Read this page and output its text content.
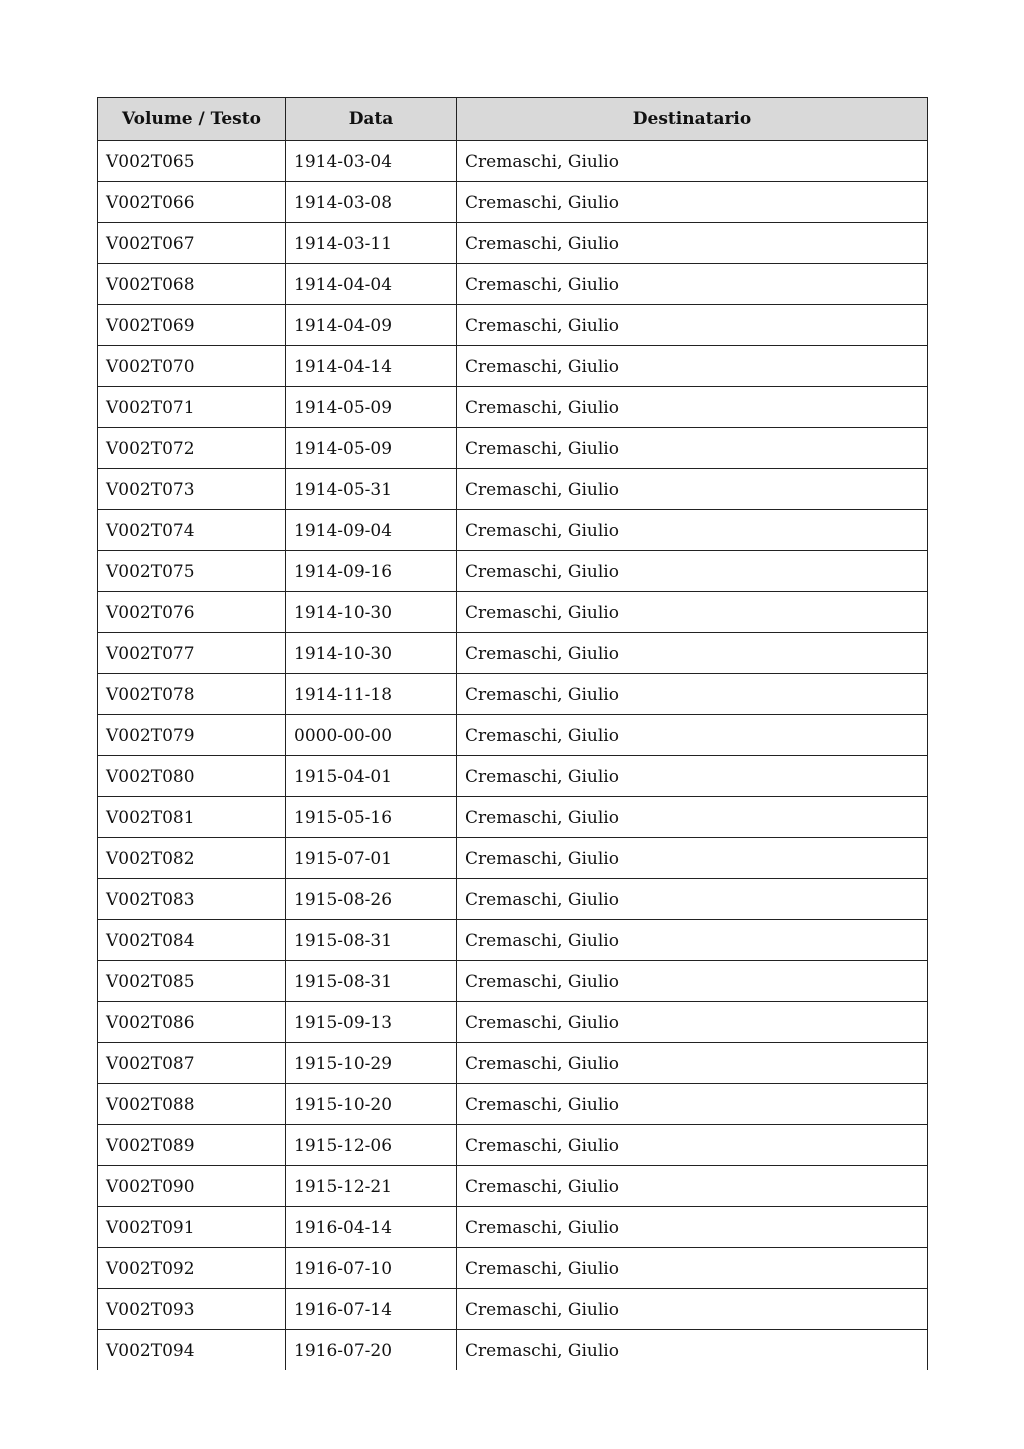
Volume / Testo	Data	Destinatario
V002T065	1914-03-04	Cremaschi, Giulio
V002T066	1914-03-08	Cremaschi, Giulio
V002T067	1914-03-11	Cremaschi, Giulio
V002T068	1914-04-04	Cremaschi, Giulio
V002T069	1914-04-09	Cremaschi, Giulio
V002T070	1914-04-14	Cremaschi, Giulio
V002T071	1914-05-09	Cremaschi, Giulio
V002T072	1914-05-09	Cremaschi, Giulio
V002T073	1914-05-31	Cremaschi, Giulio
V002T074	1914-09-04	Cremaschi, Giulio
V002T075	1914-09-16	Cremaschi, Giulio
V002T076	1914-10-30	Cremaschi, Giulio
V002T077	1914-10-30	Cremaschi, Giulio
V002T078	1914-11-18	Cremaschi, Giulio
V002T079	0000-00-00	Cremaschi, Giulio
V002T080	1915-04-01	Cremaschi, Giulio
V002T081	1915-05-16	Cremaschi, Giulio
V002T082	1915-07-01	Cremaschi, Giulio
V002T083	1915-08-26	Cremaschi, Giulio
V002T084	1915-08-31	Cremaschi, Giulio
V002T085	1915-08-31	Cremaschi, Giulio
V002T086	1915-09-13	Cremaschi, Giulio
V002T087	1915-10-29	Cremaschi, Giulio
V002T088	1915-10-20	Cremaschi, Giulio
V002T089	1915-12-06	Cremaschi, Giulio
V002T090	1915-12-21	Cremaschi, Giulio
V002T091	1916-04-14	Cremaschi, Giulio
V002T092	1916-07-10	Cremaschi, Giulio
V002T093	1916-07-14	Cremaschi, Giulio
V002T094	1916-07-20	Cremaschi, Giulio
